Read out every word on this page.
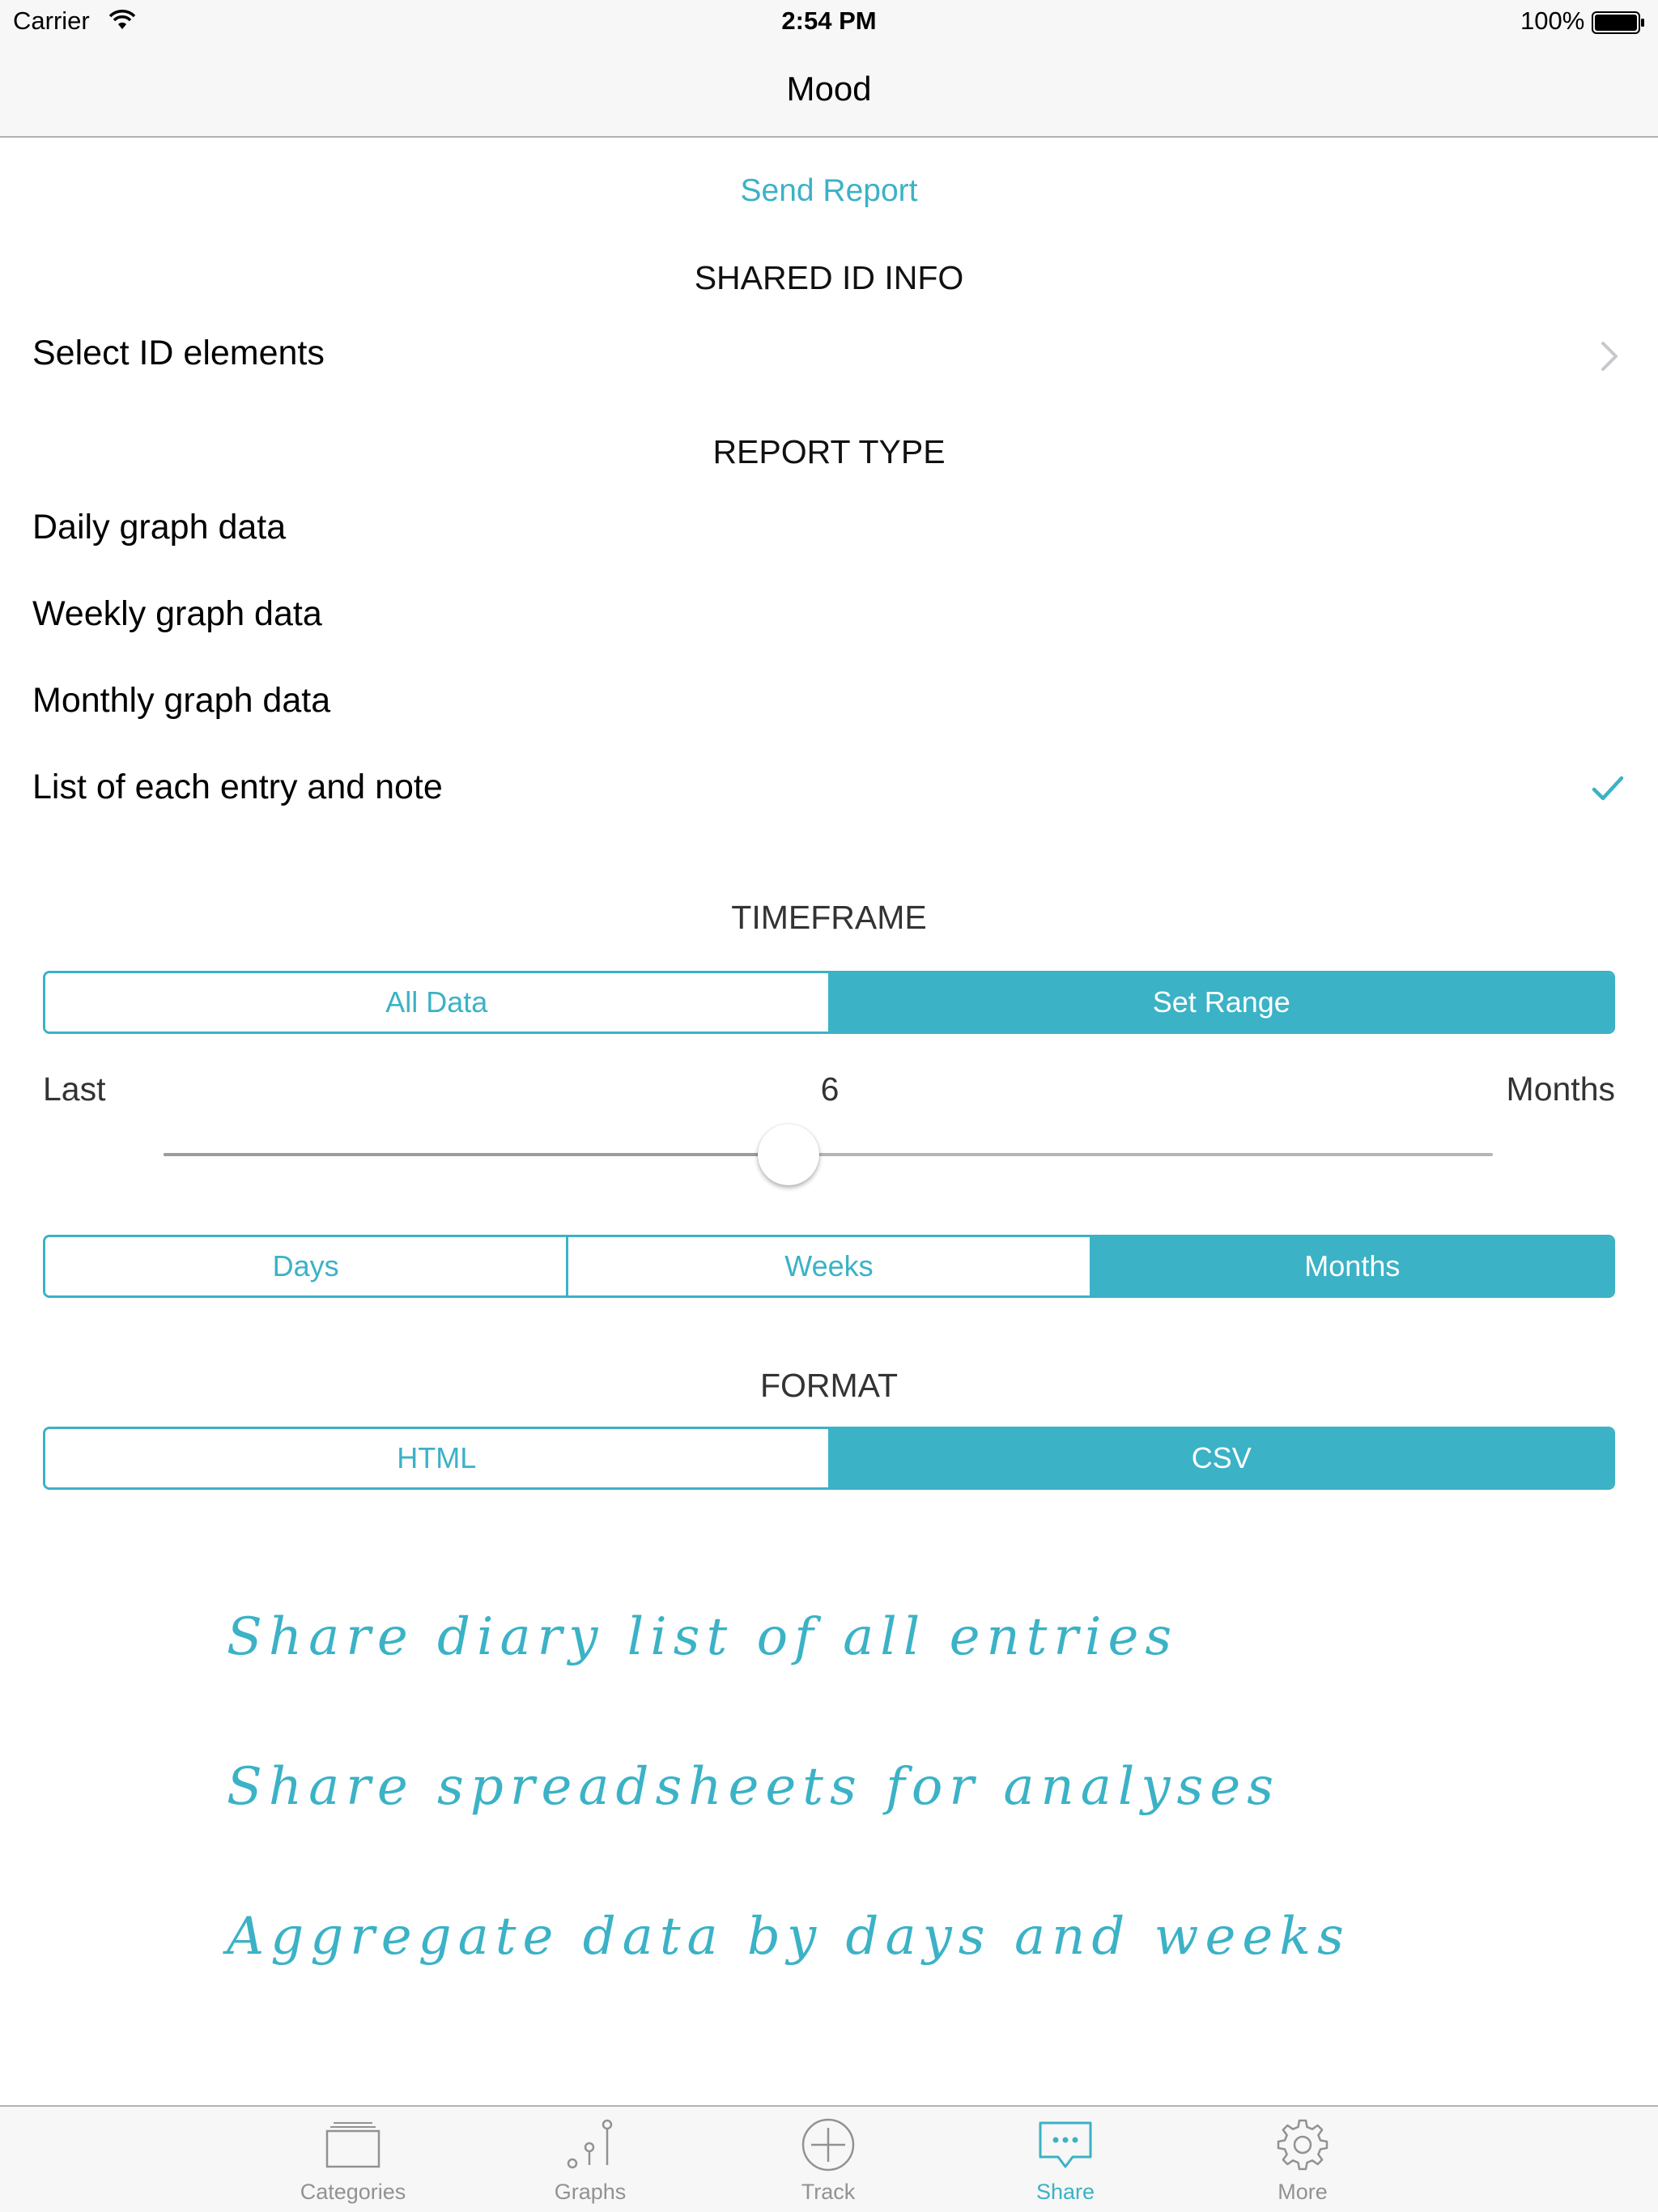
Carrier	2:54 PM	100%
Mood
Send Report
SHARED ID INFO
Select ID elements
REPORT TYPE
Daily graph data
Weekly graph data
Monthly graph data
List of each entry and note
TIMEFRAME
All Data	Set Range
Last	6	Months
Days	Weeks	Months
FORMAT
HTML	CSV
Share diary list of all entries
Share spreadsheets for analyses
Aggregate data by days and weeks
Categories	Graphs	Track	Share	More
